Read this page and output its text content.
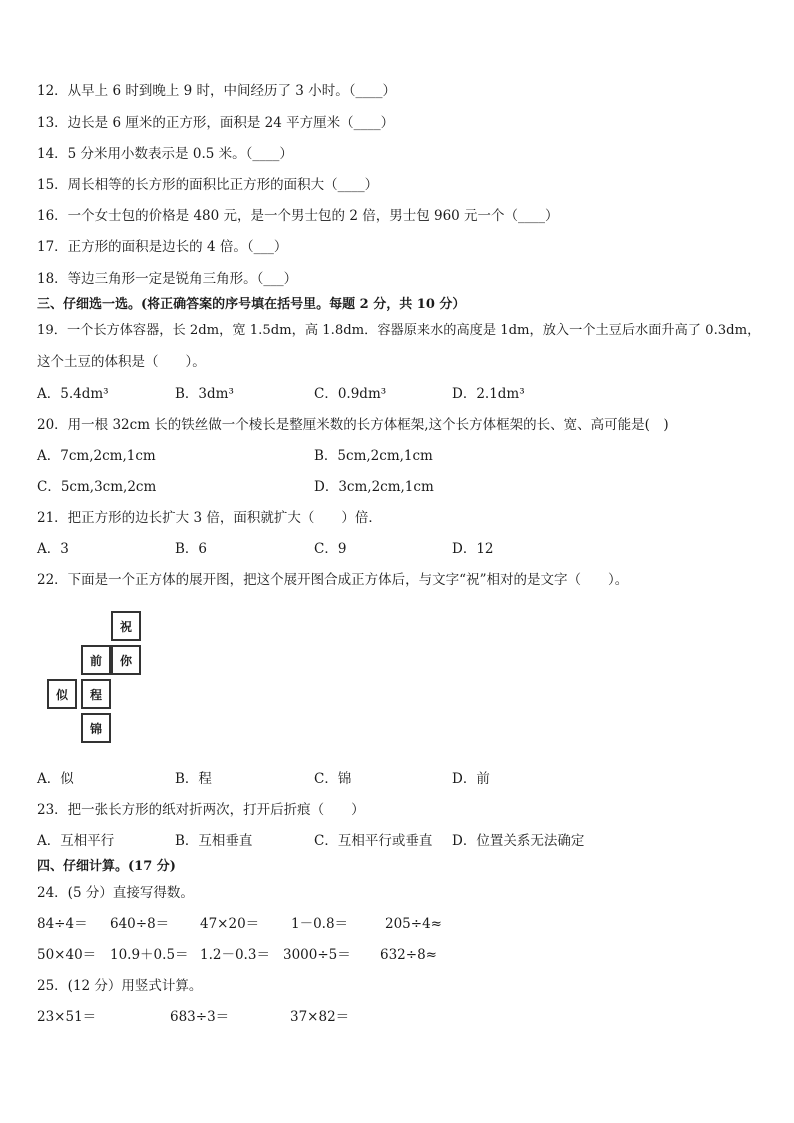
12．从早上 6 时到晚上 9 时，中间经历了 3 小时。（____）
13．边长是 6 厘米的正方形，面积是 24 平方厘米（____）
14．5 分米用小数表示是 0.5 米。（____）
15．周长相等的长方形的面积比正方形的面积大（____）
16．一个女士包的价格是 480 元，是一个男士包的 2 倍，男士包 960 元一个（____）
17．正方形的面积是边长的 4 倍。（___）
18．等边三角形一定是锐角三角形。（___）
三、仔细选一选。(将正确答案的序号填在括号里。每题 2 分，共 10 分）
19．一个长方体容器，长 2dm，宽 1.5dm，高 1.8dm．容器原来水的高度是 1dm，放入一个土豆后水面升高了 0.3dm，
这个土豆的体积是（　　）。
A．5.4dm³	B．3dm³	C．0.9dm³	D．2.1dm³
20．用一根 32cm 长的铁丝做一个棱长是整厘米数的长方体框架,这个长方体框架的长、宽、高可能是(　)
A．7cm,2cm,1cm	B．5cm,2cm,1cm
C．5cm,3cm,2cm	D．3cm,2cm,1cm
21．把正方形的边长扩大 3 倍，面积就扩大（　　）倍．
A．3	B．6	C．9	D．12
22．下面是一个正方体的展开图，把这个展开图合成正方体后，与文字“祝”相对的是文字（　　）。
祝
前	你
似	程
锦
A．似	B．程	C．锦	D．前
23．把一张长方形的纸对折两次，打开后折痕（　　）
A．互相平行	B．互相垂直	C．互相平行或垂直 D．位置关系无法确定
四、仔细计算。(17 分)
24．(5 分）直接写得数。
84÷4＝ 640÷8＝ 47×20＝ 1－0.8＝	205÷4≈
50×40＝ 10.9＋0.5＝ 1.2－0.3＝ 3000÷5＝ 632÷8≈
25．(12 分）用竖式计算。
23×51＝	683÷3＝	37×82＝
